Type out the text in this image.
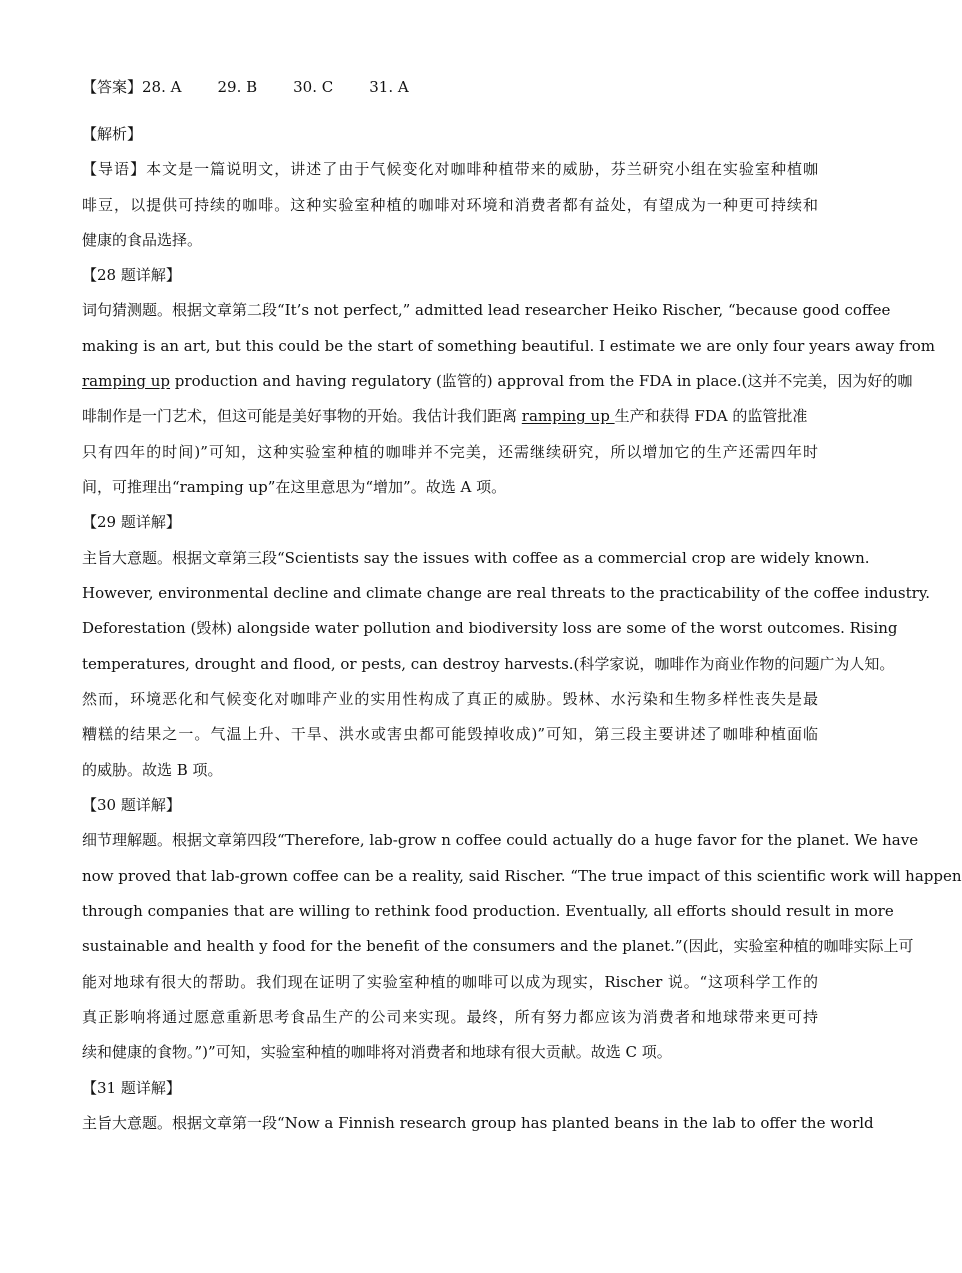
【答案】28. A 29. B 30. C 31. A
【解析】
【导语】本文是一篇说明文，讲述了由于气候变化对咖啡种植带来的威胁，芬兰研究小组在实验室种植咖
啡豆，以提供可持续的咖啡。这种实验室种植的咖啡对环境和消费者都有益处，有望成为一种更可持续和
健康的食品选择。
【28 题详解】
词句猜测题。根据文章第二段“It’s not perfect,” admitted lead researcher Heiko Rischer, “because good coffee
making is an art, but this could be the start of something beautiful. I estimate we are only four years away from
ramping up production and having regulatory (监管的) approval from the FDA in place.(这并不完美，因为好的咖
啡制作是一门艺术，但这可能是美好事物的开始。我估计我们距离 ramping up 生产和获得 FDA 的监管批准
只有四年的时间)”可知，这种实验室种植的咖啡并不完美，还需继续研究，所以增加它的生产还需四年时
间，可推理出“ramping up”在这里意思为“增加”。故选 A 项。
【29 题详解】
主旨大意题。根据文章第三段“Scientists say the issues with coffee as a commercial crop are widely known.
However, environmental decline and climate change are real threats to the practicability of the coffee industry.
Deforestation (毁林) alongside water pollution and biodiversity loss are some of the worst outcomes. Rising
temperatures, drought and flood, or pests, can destroy harvests.(科学家说，咖啡作为商业作物的问题广为人知。
然而，环境恶化和气候变化对咖啡产业的实用性构成了真正的威胁。毁林、水污染和生物多样性丧失是最
糟糕的结果之一。气温上升、干旱、洪水或害虫都可能毁掉收成)”可知，第三段主要讲述了咖啡种植面临
的威胁。故选 B 项。
【30 题详解】
细节理解题。根据文章第四段“Therefore, lab-grow n coffee could actually do a huge favor for the planet. We have
now proved that lab-grown coffee can be a reality, said Rischer. “The true impact of this scientific work will happen
through companies that are willing to rethink food production. Eventually, all efforts should result in more
sustainable and health y food for the benefit of the consumers and the planet.”(因此，实验室种植的咖啡实际上可
能对地球有很大的帮助。我们现在证明了实验室种植的咖啡可以成为现实，Rischer 说。“这项科学工作的
真正影响将通过愿意重新思考食品生产的公司来实现。最终，所有努力都应该为消费者和地球带来更可持
续和健康的食物。”)”可知，实验室种植的咖啡将对消费者和地球有很大贡献。故选 C 项。
【31 题详解】
主旨大意题。根据文章第一段“Now a Finnish research group has planted beans in the lab to offer the world
